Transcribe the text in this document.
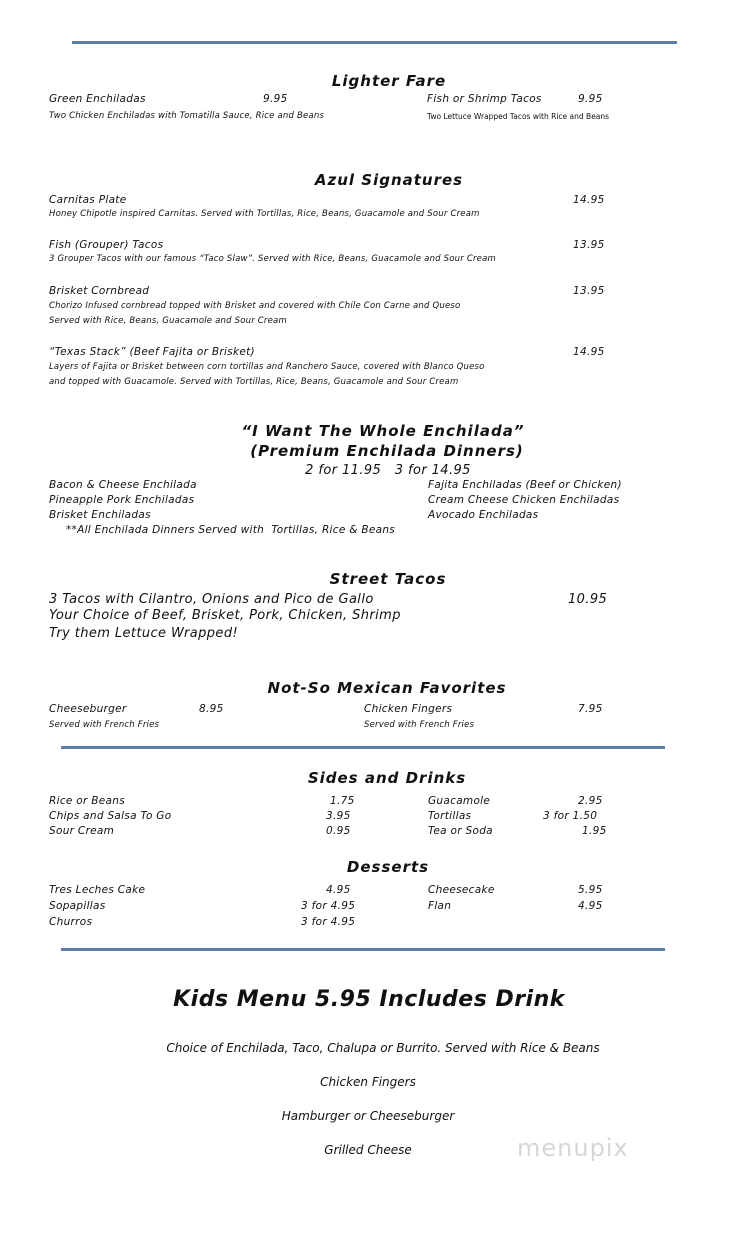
Lighter Fare
Green Enchiladas	9.95
Two Chicken Enchiladas with Tomatilla Sauce, Rice and Beans
Fish or Shrimp Tacos	9.95
Two Lettuce Wrapped Tacos with Rice and Beans
Azul Signatures
Carnitas Plate	14.95
Honey Chipotle inspired Carnitas. Served with Tortillas, Rice, Beans, Guacamole and Sour Cream
Fish (Grouper) Tacos	13.95
3 Grouper Tacos with our famous “Taco Slaw”. Served with Rice, Beans, Guacamole and Sour Cream
Brisket Cornbread	13.95
Chorizo Infused cornbread topped with Brisket and covered with Chile Con Carne and Queso
Served with Rice, Beans, Guacamole and Sour Cream
“Texas Stack” (Beef Fajita or Brisket)	14.95
Layers of Fajita or Brisket between corn tortillas and Ranchero Sauce, covered with Blanco Queso
and topped with Guacamole. Served with Tortillas, Rice, Beans, Guacamole and Sour Cream
“I Want The Whole Enchilada”
(Premium Enchilada Dinners)
2 for 11.95   3 for 14.95
Bacon & Cheese Enchilada
Pineapple Pork Enchiladas
Brisket Enchiladas
Fajita Enchiladas (Beef or Chicken)
Cream Cheese Chicken Enchiladas
Avocado Enchiladas
**All Enchilada Dinners Served with  Tortillas, Rice & Beans
Street Tacos
3 Tacos with Cilantro, Onions and Pico de Gallo	10.95
Your Choice of Beef, Brisket, Pork, Chicken, Shrimp
Try them Lettuce Wrapped!
Not-So Mexican Favorites
Cheeseburger	8.95
Served with French Fries
Chicken Fingers	7.95
Served with French Fries
Sides and Drinks
Rice or Beans	1.75
Chips and Salsa To Go	3.95
Sour Cream	0.95
Guacamole	2.95
Tortillas	3 for 1.50
Tea or Soda	1.95
Desserts
Tres Leches Cake	4.95
Sopapillas	3 for 4.95
Churros	3 for 4.95
Cheesecake	5.95
Flan	4.95
Kids Menu 5.95 Includes Drink
Choice of Enchilada, Taco, Chalupa or Burrito. Served with Rice & Beans
Chicken Fingers
Hamburger or Cheeseburger
Grilled Cheese	menupix
